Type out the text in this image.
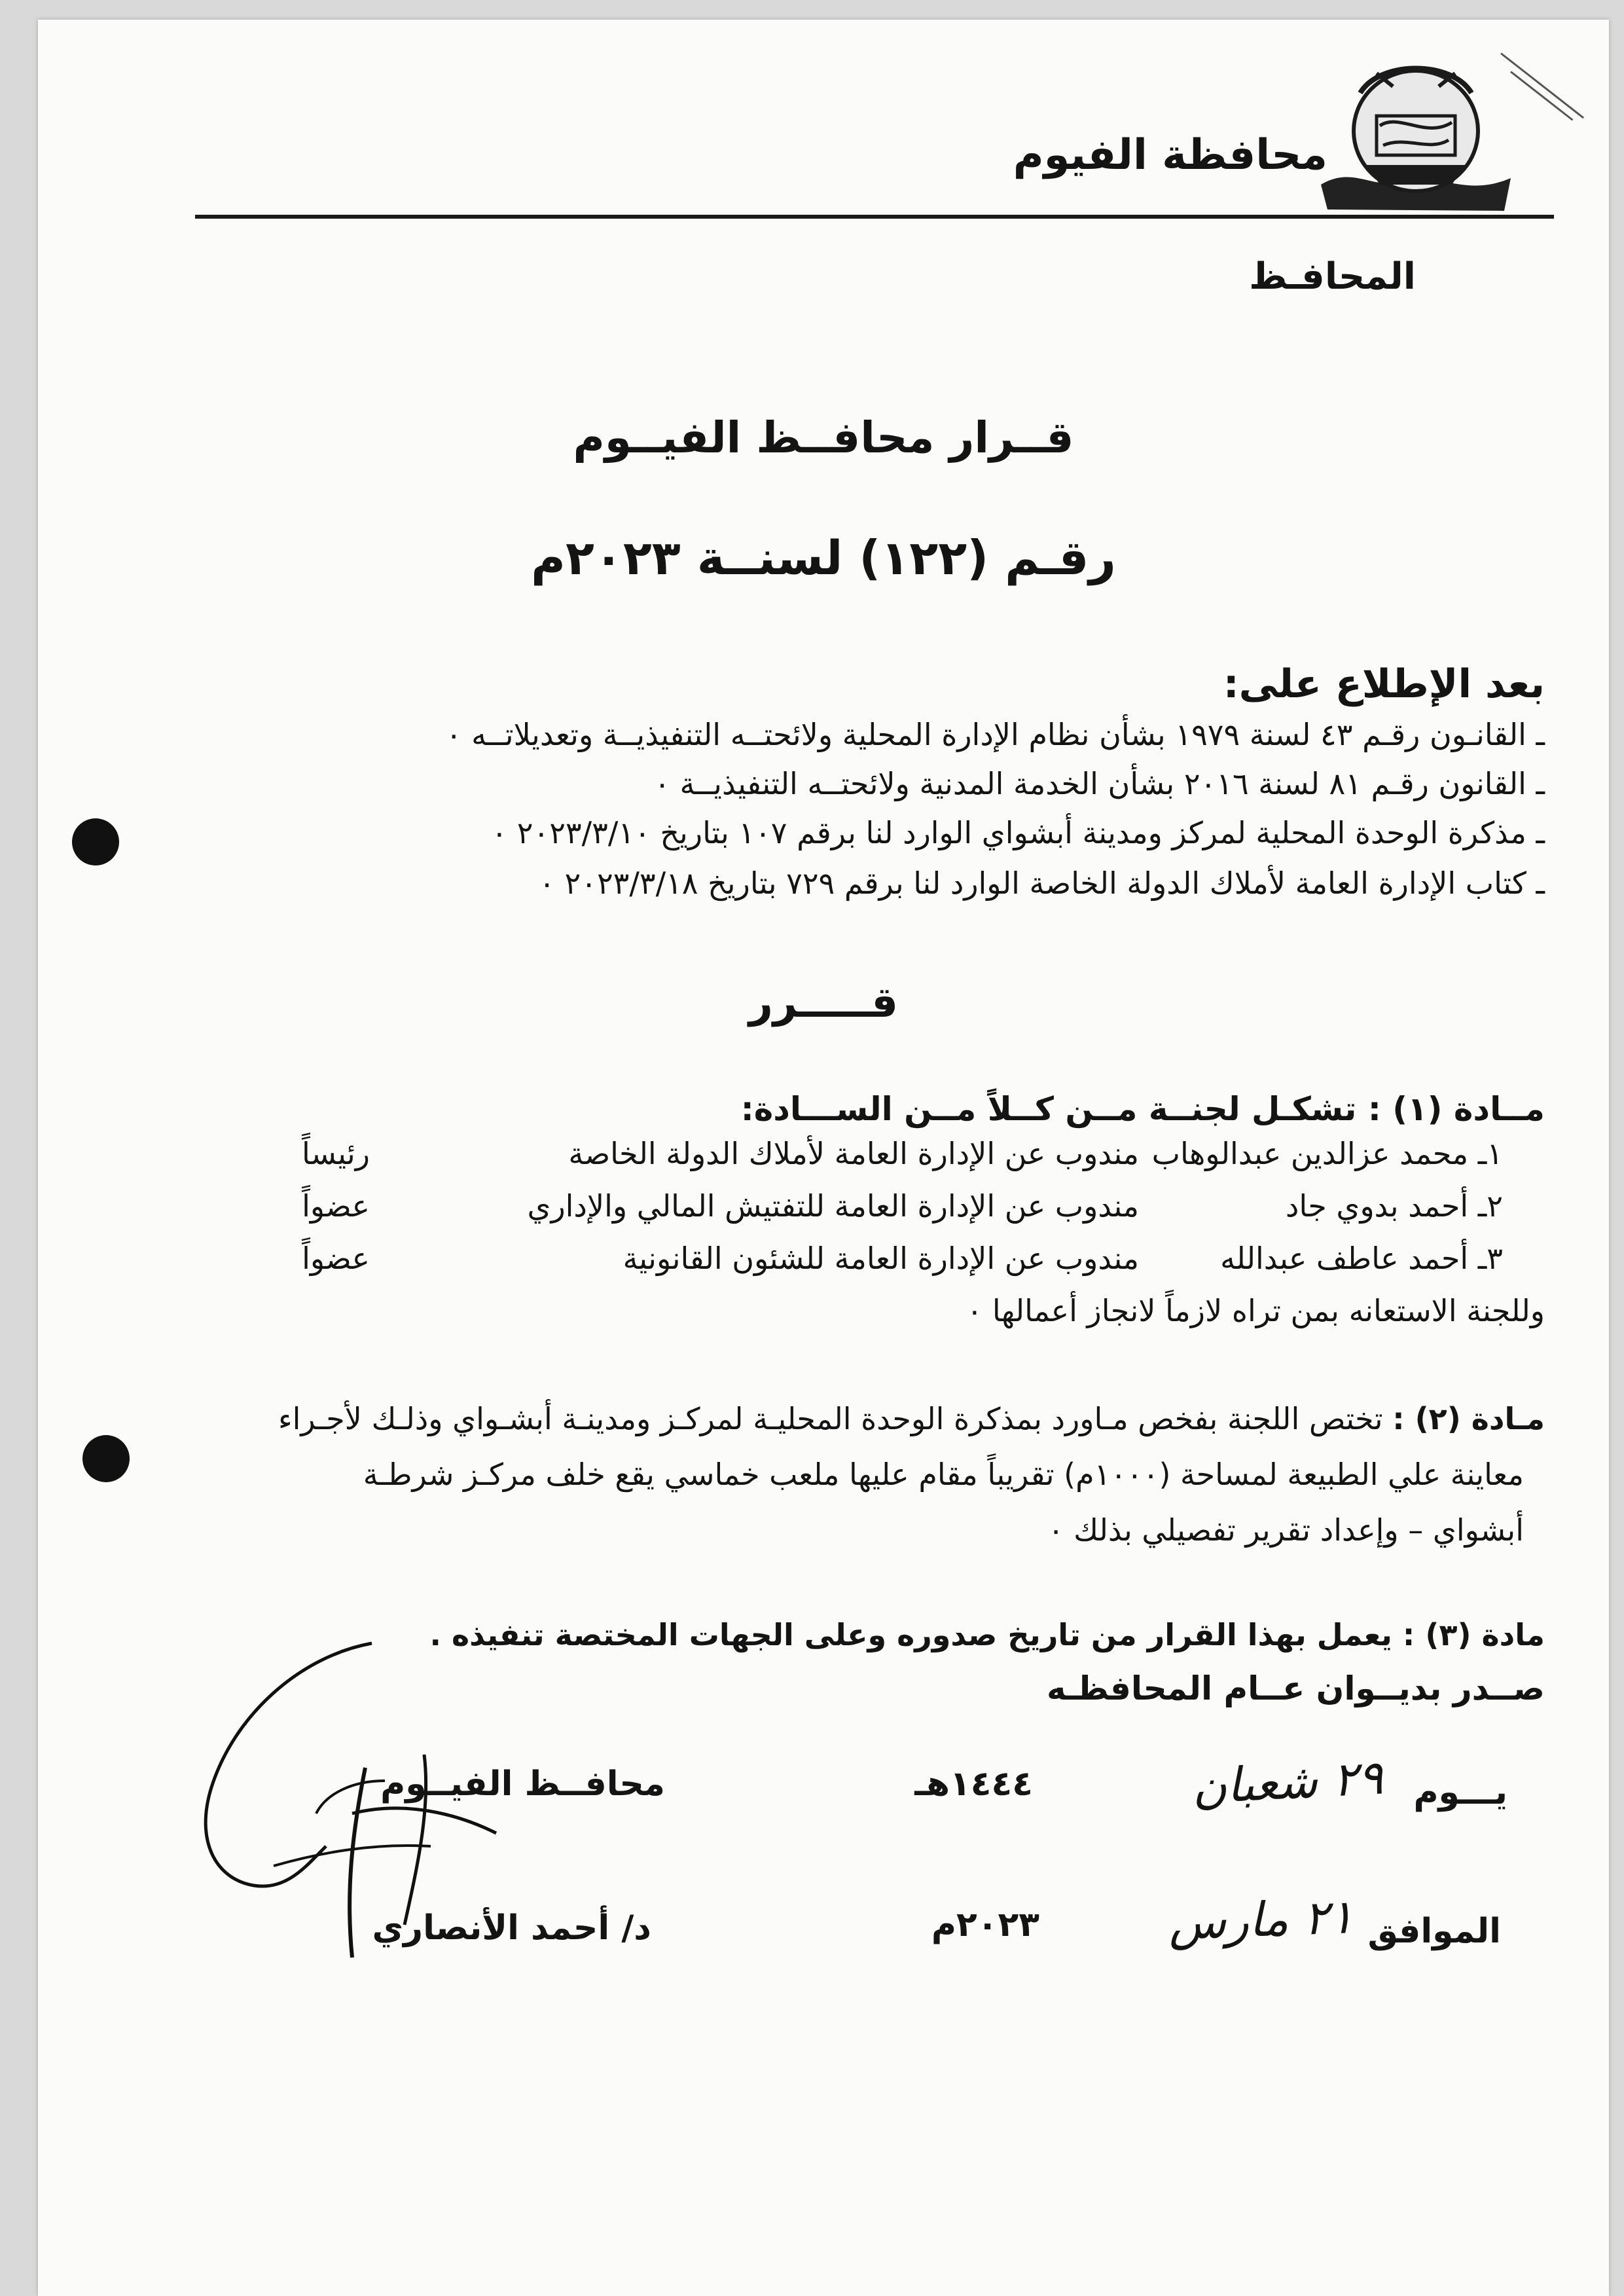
محافظة الفيوم
المحافـظ
قــرار محافــظ الفيــوم
رقـم (١٢٢) لسنــة ٢٠٢٣م
بعد الإطلاع على:
ـ القانـون رقـم ٤٣ لسنة ١٩٧٩ بشأن نظام الإدارة المحلية ولائحتــه التنفيذيــة وتعديلاتــه ٠
ـ القانون رقـم ٨١ لسنة ٢٠١٦ بشأن الخدمة المدنية ولائحتــه التنفيذيــة ٠
ـ مذكرة الوحدة المحلية لمركز ومدينة أبشواي الوارد لنا برقم ١٠٧ بتاريخ ٢٠٢٣/٣/١٠ ٠
ـ كتاب الإدارة العامة لأملاك الدولة الخاصة الوارد لنا برقم ٧٢٩ بتاريخ ٢٠٢٣/٣/١٨ ٠
قـــــرر
مــادة (١) : تشكـل لجنــة مــن كــلاً مــن الســـادة:
١ـ محمد عزالدين عبدالوهاب
مندوب عن الإدارة العامة لأملاك الدولة الخاصة
رئيساً
٢ـ أحمد بدوي جاد
مندوب عن الإدارة العامة للتفتيش المالي والإداري
عضواً
٣ـ أحمد عاطف عبدالله
مندوب عن الإدارة العامة للشئون القانونية
عضواً
وللجنة الاستعانه بمن تراه لازماً لانجاز أعمالها ٠
مـادة (٢) : تختص اللجنة بفخص مـاورد بمذكرة الوحدة المحليـة لمركـز ومدينـة أبشـواي وذلـك لأجـراء
معاينة علي الطبيعة لمساحة (١٠٠٠م) تقريباً مقام عليها ملعب خماسي يقع خلف مركـز شرطـة
أبشواي – وإعداد تقرير تفصيلي بذلك ٠
مادة (٣) : يعمل بهذا القرار من تاريخ صدوره وعلى الجهات المختصة تنفيذه .
صــدر بديــوان عــام المحافظـه
محافــظ الفيــوم
د/ أحمد الأنصاري
يـــوم
٢٩ شعبان
١٤٤٤هـ
الموافق
٢١ مارس
٢٠٢٣م
